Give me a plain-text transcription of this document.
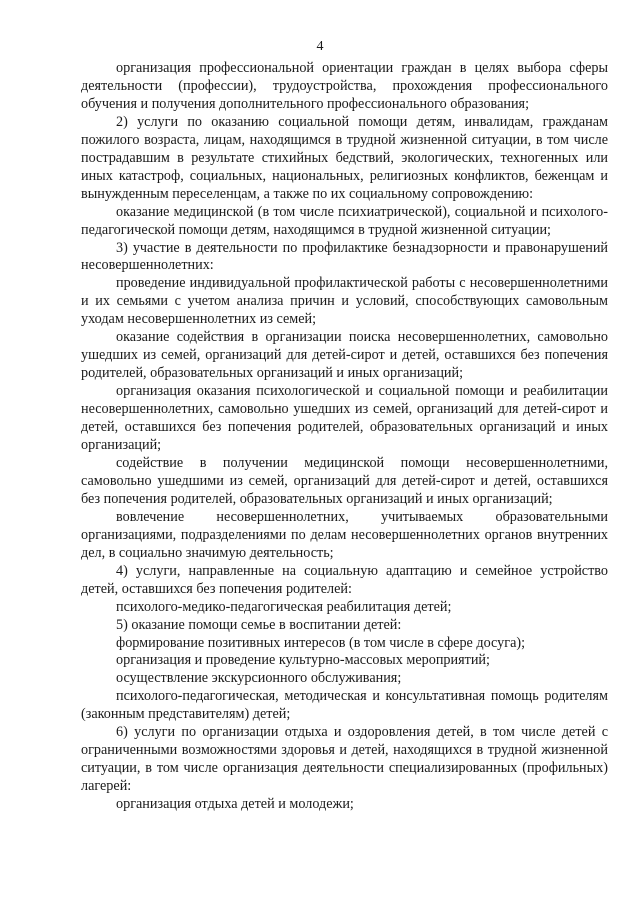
4

организация профессиональной ориентации граждан в целях выбора сферы деятельности (профессии), трудоустройства, прохождения профессионального обучения и получения дополнительного профессионального образования;

2) услуги по оказанию социальной помощи детям, инвалидам, гражданам пожилого возраста, лицам, находящимся в трудной жизненной ситуации, в том числе пострадавшим в результате стихийных бедствий, экологических, техногенных или иных катастроф, социальных, национальных, религиозных конфликтов, беженцам и вынужденным переселенцам, а также по их социальному сопровождению:

оказание медицинской (в том числе психиатрической), социальной и психолого-педагогической помощи детям, находящимся в трудной жизненной ситуации;

3) участие в деятельности по профилактике безнадзорности и правонарушений несовершеннолетних:

проведение индивидуальной профилактической работы с несовершеннолетними и их семьями с учетом анализа причин и условий, способствующих самовольным уходам несовершеннолетних из семей;

оказание содействия в организации поиска несовершеннолетних, самовольно ушедших из семей, организаций для детей-сирот и детей, оставшихся без попечения родителей, образовательных организаций и иных организаций;

организация оказания психологической и социальной помощи и реабилитации несовершеннолетних, самовольно ушедших из семей, организаций для детей-сирот и детей, оставшихся без попечения родителей, образовательных организаций и иных организаций;

содействие в получении медицинской помощи несовершеннолетними, самовольно ушедшими из семей, организаций для детей-сирот и детей, оставшихся без попечения родителей, образовательных организаций и иных организаций;

вовлечение несовершеннолетних, учитываемых образовательными организациями, подразделениями по делам несовершеннолетних органов внутренних дел, в социально значимую деятельность;

4) услуги, направленные на социальную адаптацию и семейное устройство детей, оставшихся без попечения родителей:

психолого-медико-педагогическая реабилитация детей;

5) оказание помощи семье в воспитании детей:

формирование позитивных интересов (в том числе в сфере досуга);

организация и проведение культурно-массовых мероприятий;

осуществление экскурсионного обслуживания;

психолого-педагогическая, методическая и консультативная помощь родителям (законным представителям) детей;

6) услуги по организации отдыха и оздоровления детей, в том числе детей с ограниченными возможностями здоровья и детей, находящихся в трудной жизненной ситуации, в том числе организация деятельности специализированных (профильных) лагерей:

организация отдыха детей и молодежи;
